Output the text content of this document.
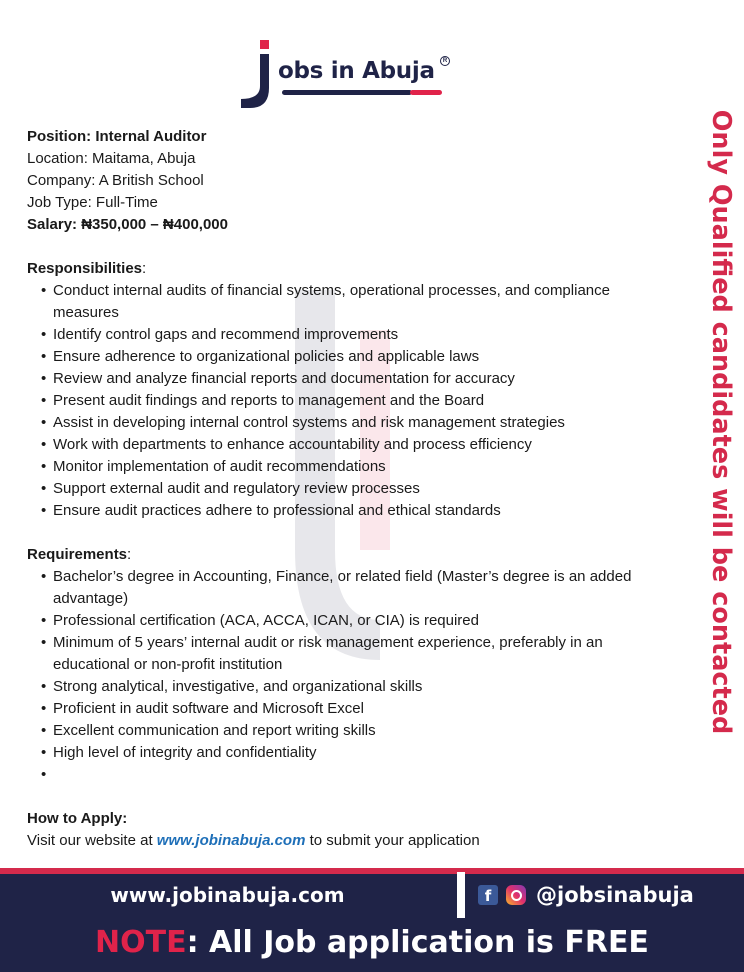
obs in Abuja	R
Position: Internal Auditor
Location: Maitama, Abuja
Company: A British School
Job Type: Full-Time
Salary: ₦350,000 – ₦400,000
Responsibilities:
• Conduct internal audits of financial systems, operational processes, and compliance measures
• Identify control gaps and recommend improvements
• Ensure adherence to organizational policies and applicable laws
• Review and analyze financial reports and documentation for accuracy
• Present audit findings and reports to management and the Board
• Assist in developing internal control systems and risk management strategies
• Work with departments to enhance accountability and process efficiency
• Monitor implementation of audit recommendations
• Support external audit and regulatory review processes
• Ensure audit practices adhere to professional and ethical standards
Requirements:
• Bachelor’s degree in Accounting, Finance, or related field (Master’s degree is an added advantage)
• Professional certification (ACA, ACCA, ICAN, or CIA) is required
• Minimum of 5 years’ internal audit or risk management experience, preferably in an educational or non-profit institution
• Strong analytical, investigative, and organizational skills
• Proficient in audit software and Microsoft Excel
• Excellent communication and report writing skills
• High level of integrity and confidentiality
•
How to Apply:
Visit our website at www.jobinabuja.com to submit your application
Only Qualified candidates will be contacted
www.jobinabuja.com	f	@jobsinabuja
NOTE: All Job application is FREE
